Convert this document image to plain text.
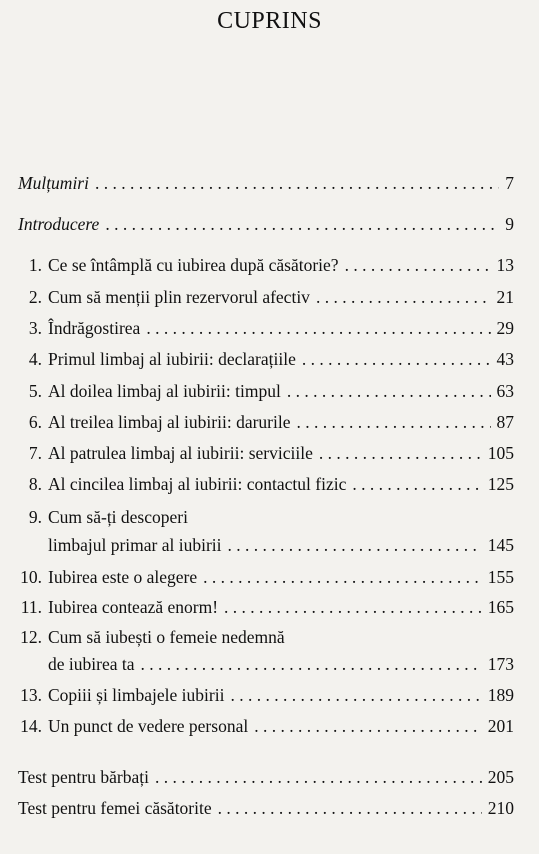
CUPRINS
Mulțumiri . . .	7
Introducere . . .	9
1. Ce se întâmplă cu iubirea după căsătorie? . . .	13
2. Cum să menții plin rezervorul afectiv . . .	21
3. Îndrăgostirea . . .	29
4. Primul limbaj al iubirii: declarațiile . . .	43
5. Al doilea limbaj al iubirii: timpul . . .	63
6. Al treilea limbaj al iubirii: darurile . . .	87
7. Al patrulea limbaj al iubirii: serviciile . . .	105
8. Al cincilea limbaj al iubirii: contactul fizic . . .	125
9. Cum să-ți descoperi
limbajul primar al iubirii . . .	145
10. Iubirea este o alegere . . .	155
11. Iubirea contează enorm! . . .	165
12. Cum să iubești o femeie nedemnă
de iubirea ta . . .	173
13. Copiii și limbajele iubirii . . .	189
14. Un punct de vedere personal . . .	201
Test pentru bărbați . . .	205
Test pentru femei căsătorite . . .	210
